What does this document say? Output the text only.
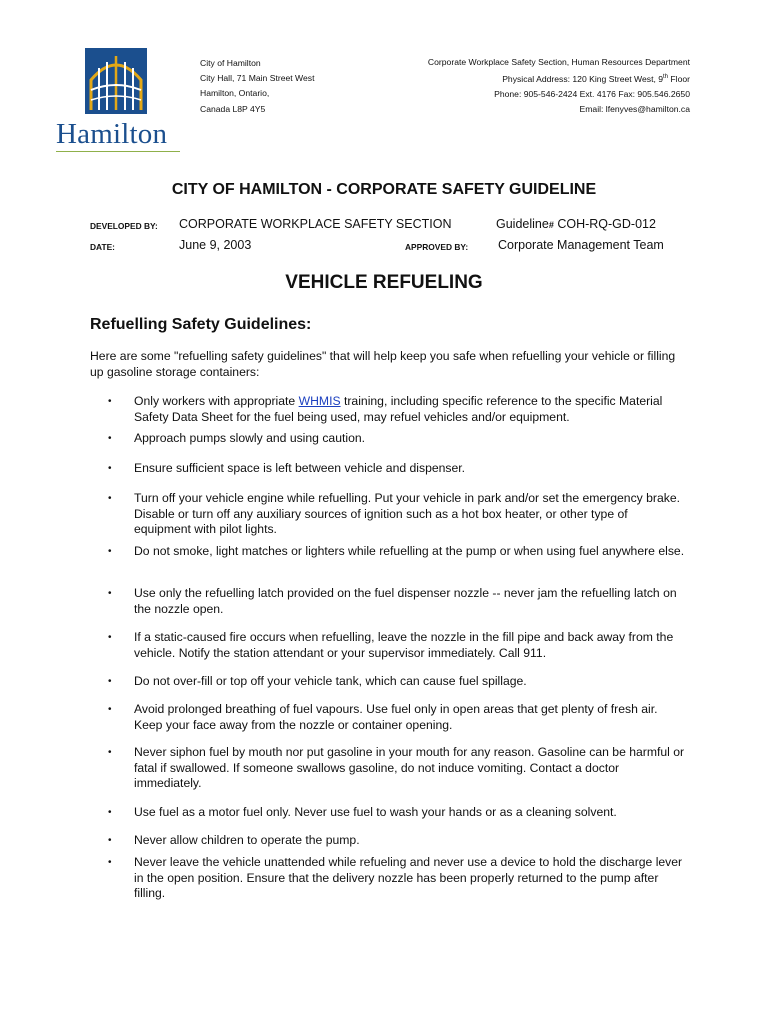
Hamilton
City of Hamilton
City Hall, 71 Main Street West
Hamilton, Ontario,
Canada L8P 4Y5
Corporate Workplace Safety Section, Human Resources Department
Physical Address: 120 King Street West, 9th Floor
Phone: 905-546-2424 Ext. 4176 Fax: 905.546.2650
Email: lfenyves@hamilton.ca
CITY OF HAMILTON - CORPORATE SAFETY GUIDELINE
DEVELOPED BY: CORPORATE WORKPLACE SAFETY SECTION	Guideline# COH-RQ-GD-012
DATE:	June 9, 2003	APPROVED BY: Corporate Management Team
VEHICLE REFUELING
Refuelling Safety Guidelines:
Here are some "refuelling safety guidelines" that will help keep you safe when refuelling your vehicle or filling up gasoline storage containers:
• Only workers with appropriate WHMIS training, including specific reference to the specific Material Safety Data Sheet for the fuel being used, may refuel vehicles and/or equipment.
• Approach pumps slowly and using caution.
• Ensure sufficient space is left between vehicle and dispenser.
• Turn off your vehicle engine while refuelling. Put your vehicle in park and/or set the emergency brake. Disable or turn off any auxiliary sources of ignition such as a hot box heater, or other type of equipment with pilot lights.
• Do not smoke, light matches or lighters while refuelling at the pump or when using fuel anywhere else.
• Use only the refuelling latch provided on the fuel dispenser nozzle -- never jam the refuelling latch on the nozzle open.
• If a static-caused fire occurs when refuelling, leave the nozzle in the fill pipe and back away from the vehicle. Notify the station attendant or your supervisor immediately. Call 911.
• Do not over-fill or top off your vehicle tank, which can cause fuel spillage.
• Avoid prolonged breathing of fuel vapours. Use fuel only in open areas that get plenty of fresh air. Keep your face away from the nozzle or container opening.
• Never siphon fuel by mouth nor put gasoline in your mouth for any reason. Gasoline can be harmful or fatal if swallowed. If someone swallows gasoline, do not induce vomiting. Contact a doctor immediately.
• Use fuel as a motor fuel only. Never use fuel to wash your hands or as a cleaning solvent.
• Never allow children to operate the pump.
• Never leave the vehicle unattended while refueling and never use a device to hold the discharge lever in the open position. Ensure that the delivery nozzle has been properly returned to the pump after filling.
